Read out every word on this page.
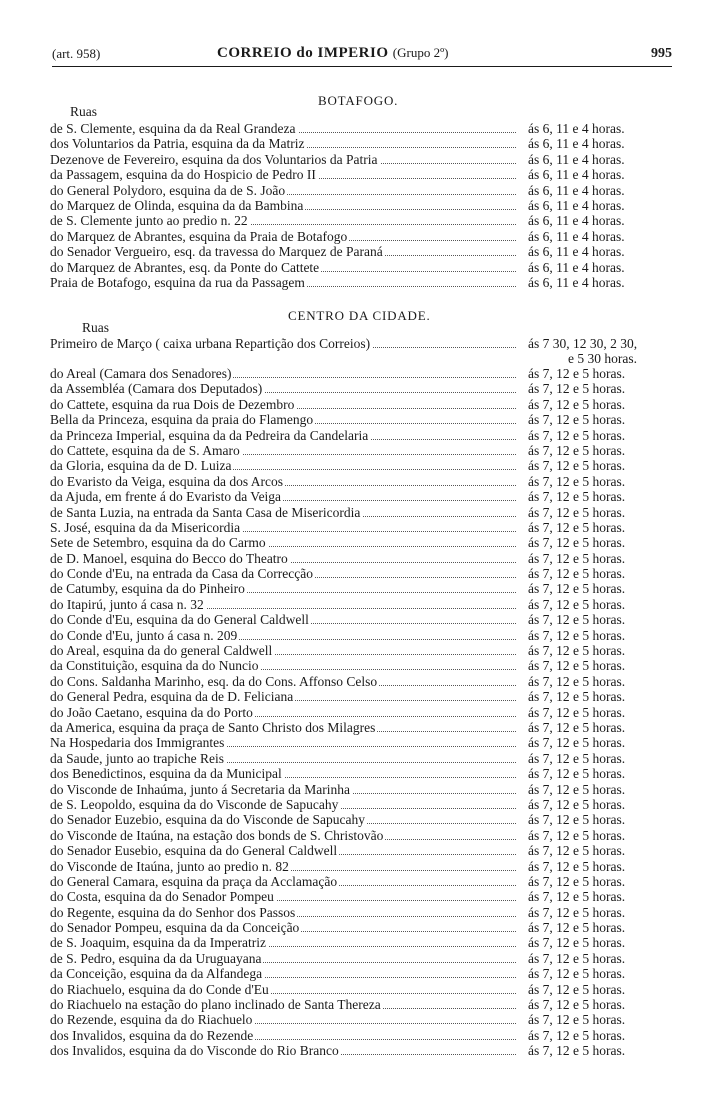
(art. 958)	CORREIO do IMPERIO (Grupo 2º)	995
BOTAFOGO.
Ruas
de S. Clemente, esquina da da Real Grandeza	ás 6, 11 e 4 horas.
dos Voluntarios da Patria, esquina da da Matriz	ás 6, 11 e 4 horas.
Dezenove de Fevereiro, esquina da dos Voluntarios da Patria	ás 6, 11 e 4 horas.
da Passagem, esquina da do Hospicio de Pedro II	ás 6, 11 e 4 horas.
do General Polydoro, esquina da de S. João	ás 6, 11 e 4 horas.
do Marquez de Olinda, esquina da da Bambina	ás 6, 11 e 4 horas.
de S. Clemente junto ao predio n. 22	ás 6, 11 e 4 horas.
do Marquez de Abrantes, esquina da Praia de Botafogo	ás 6, 11 e 4 horas.
do Senador Vergueiro, esq. da travessa do Marquez de Paraná	ás 6, 11 e 4 horas.
do Marquez de Abrantes, esq. da Ponte do Cattete	ás 6, 11 e 4 horas.
Praia de Botafogo, esquina da rua da Passagem	ás 6, 11 e 4 horas.
CENTRO DA CIDADE.
Ruas
Primeiro de Março ( caixa urbana Repartição dos Correios)	ás 7 30, 12 30, 2 30,
e 5 30 horas.
do Areal (Camara dos Senadores)	ás 7, 12 e 5 horas.
da Assembléa (Camara dos Deputados)	ás 7, 12 e 5 horas.
do Cattete, esquina da rua Dois de Dezembro	ás 7, 12 e 5 horas.
Bella da Princeza, esquina da praia do Flamengo	ás 7, 12 e 5 horas.
da Princeza Imperial, esquina da da Pedreira da Candelaria	ás 7, 12 e 5 horas.
do Cattete, esquina da de S. Amaro	ás 7, 12 e 5 horas.
da Gloria, esquina da de D. Luiza	ás 7, 12 e 5 horas.
do Evaristo da Veiga, esquina da dos Arcos	ás 7, 12 e 5 horas.
da Ajuda, em frente á do Evaristo da Veiga	ás 7, 12 e 5 horas.
de Santa Luzia, na entrada da Santa Casa de Misericordia	ás 7, 12 e 5 horas.
S. José, esquina da da Misericordia	ás 7, 12 e 5 horas.
Sete de Setembro, esquina da do Carmo	ás 7, 12 e 5 horas.
de D. Manoel, esquina do Becco do Theatro	ás 7, 12 e 5 horas.
do Conde d'Eu, na entrada da Casa da Correcção	ás 7, 12 e 5 horas.
de Catumby, esquina da do Pinheiro	ás 7, 12 e 5 horas.
do Itapirú, junto á casa n. 32	ás 7, 12 e 5 horas.
do Conde d'Eu, esquina da do General Caldwell	ás 7, 12 e 5 horas.
do Conde d'Eu, junto á casa n. 209	ás 7, 12 e 5 horas.
do Areal, esquina da do general Caldwell	ás 7, 12 e 5 horas.
da Constituição, esquina da do Nuncio	ás 7, 12 e 5 horas.
do Cons. Saldanha Marinho, esq. da do Cons. Affonso Celso	ás 7, 12 e 5 horas.
do General Pedra, esquina da de D. Feliciana	ás 7, 12 e 5 horas.
do João Caetano, esquina da do Porto	ás 7, 12 e 5 horas.
da America, esquina da praça de Santo Christo dos Milagres	ás 7, 12 e 5 horas.
Na Hospedaria dos Immigrantes	ás 7, 12 e 5 horas.
da Saude, junto ao trapiche Reis	ás 7, 12 e 5 horas.
dos Benedictinos, esquina da da Municipal	ás 7, 12 e 5 horas.
do Visconde de Inhaúma, junto á Secretaria da Marinha	ás 7, 12 e 5 horas.
de S. Leopoldo, esquina da do Visconde de Sapucahy	ás 7, 12 e 5 horas.
do Senador Euzebio, esquina da do Visconde de Sapucahy	ás 7, 12 e 5 horas.
do Visconde de Itaúna, na estação dos bonds de S. Christovão	ás 7, 12 e 5 horas.
do Senador Eusebio, esquina da do General Caldwell	ás 7, 12 e 5 horas.
do Visconde de Itaúna, junto ao predio n. 82	ás 7, 12 e 5 horas.
do General Camara, esquina da praça da Acclamação	ás 7, 12 e 5 horas.
do Costa, esquina da do Senador Pompeu	ás 7, 12 e 5 horas.
do Regente, esquina da do Senhor dos Passos	ás 7, 12 e 5 horas.
do Senador Pompeu, esquina da da Conceição	ás 7, 12 e 5 horas.
de S. Joaquim, esquina da da Imperatriz	ás 7, 12 e 5 horas.
de S. Pedro, esquina da da Uruguayana	ás 7, 12 e 5 horas.
da Conceição, esquina da da Alfandega	ás 7, 12 e 5 horas.
do Riachuelo, esquina da do Conde d'Eu	ás 7, 12 e 5 horas.
do Riachuelo na estação do plano inclinado de Santa Thereza	ás 7, 12 e 5 horas.
do Rezende, esquina da do Riachuelo	ás 7, 12 e 5 horas.
dos Invalidos, esquina da do Rezende	ás 7, 12 e 5 horas.
dos Invalidos, esquina da do Visconde do Rio Branco	ás 7, 12 e 5 horas.
